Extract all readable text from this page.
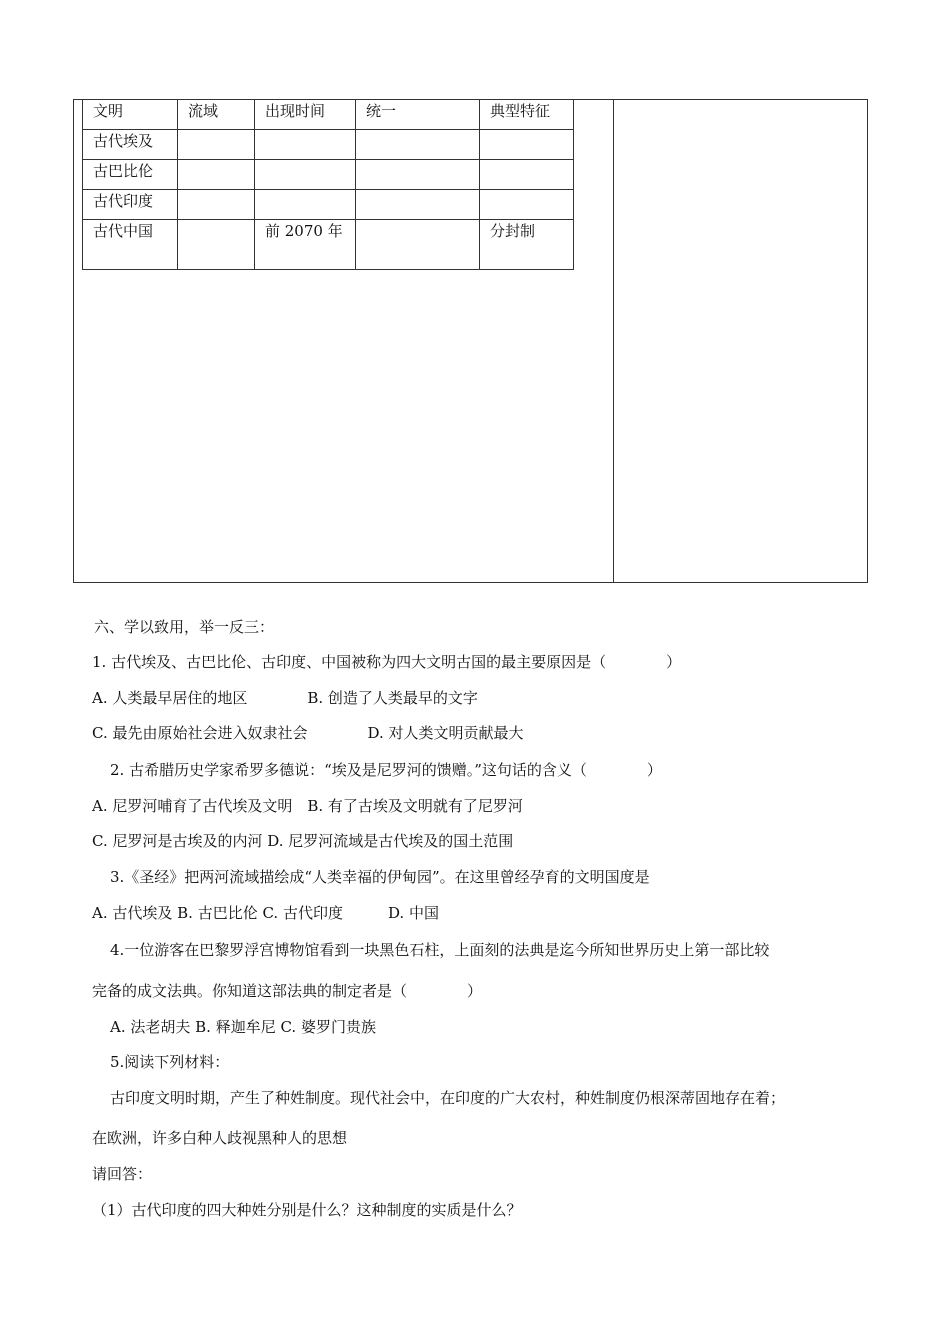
文明	流域	出现时间	统一	典型特征
古代埃及				
古巴比伦				
古代印度				
古代中国		前 2070 年		分封制
六、学以致用，举一反三：
1. 古代埃及、古巴比伦、古印度、中国被称为四大文明古国的最主要原因是（　　　　）
A. 人类最早居住的地区　　　　B. 创造了人类最早的文字
C. 最先由原始社会进入奴隶社会　　　　D. 对人类文明贡献最大
2. 古希腊历史学家希罗多德说：“埃及是尼罗河的馈赠。”这句话的含义（　　　　）
A. 尼罗河哺育了古代埃及文明　B. 有了古埃及文明就有了尼罗河
C. 尼罗河是古埃及的内河 D. 尼罗河流域是古代埃及的国土范围
3.《圣经》把两河流域描绘成“人类幸福的伊甸园”。在这里曾经孕育的文明国度是
A. 古代埃及 B. 古巴比伦 C. 古代印度　　　D. 中国
4.一位游客在巴黎罗浮宫博物馆看到一块黑色石柱，上面刻的法典是迄今所知世界历史上第一部比较
完备的成文法典。你知道这部法典的制定者是（　　　　）
A. 法老胡夫 B. 释迦牟尼 C. 婆罗门贵族
5.阅读下列材料：
古印度文明时期，产生了种姓制度。现代社会中，在印度的广大农村，种姓制度仍根深蒂固地存在着；
在欧洲，许多白种人歧视黑种人的思想
请回答：
（1）古代印度的四大种姓分别是什么？这种制度的实质是什么？
